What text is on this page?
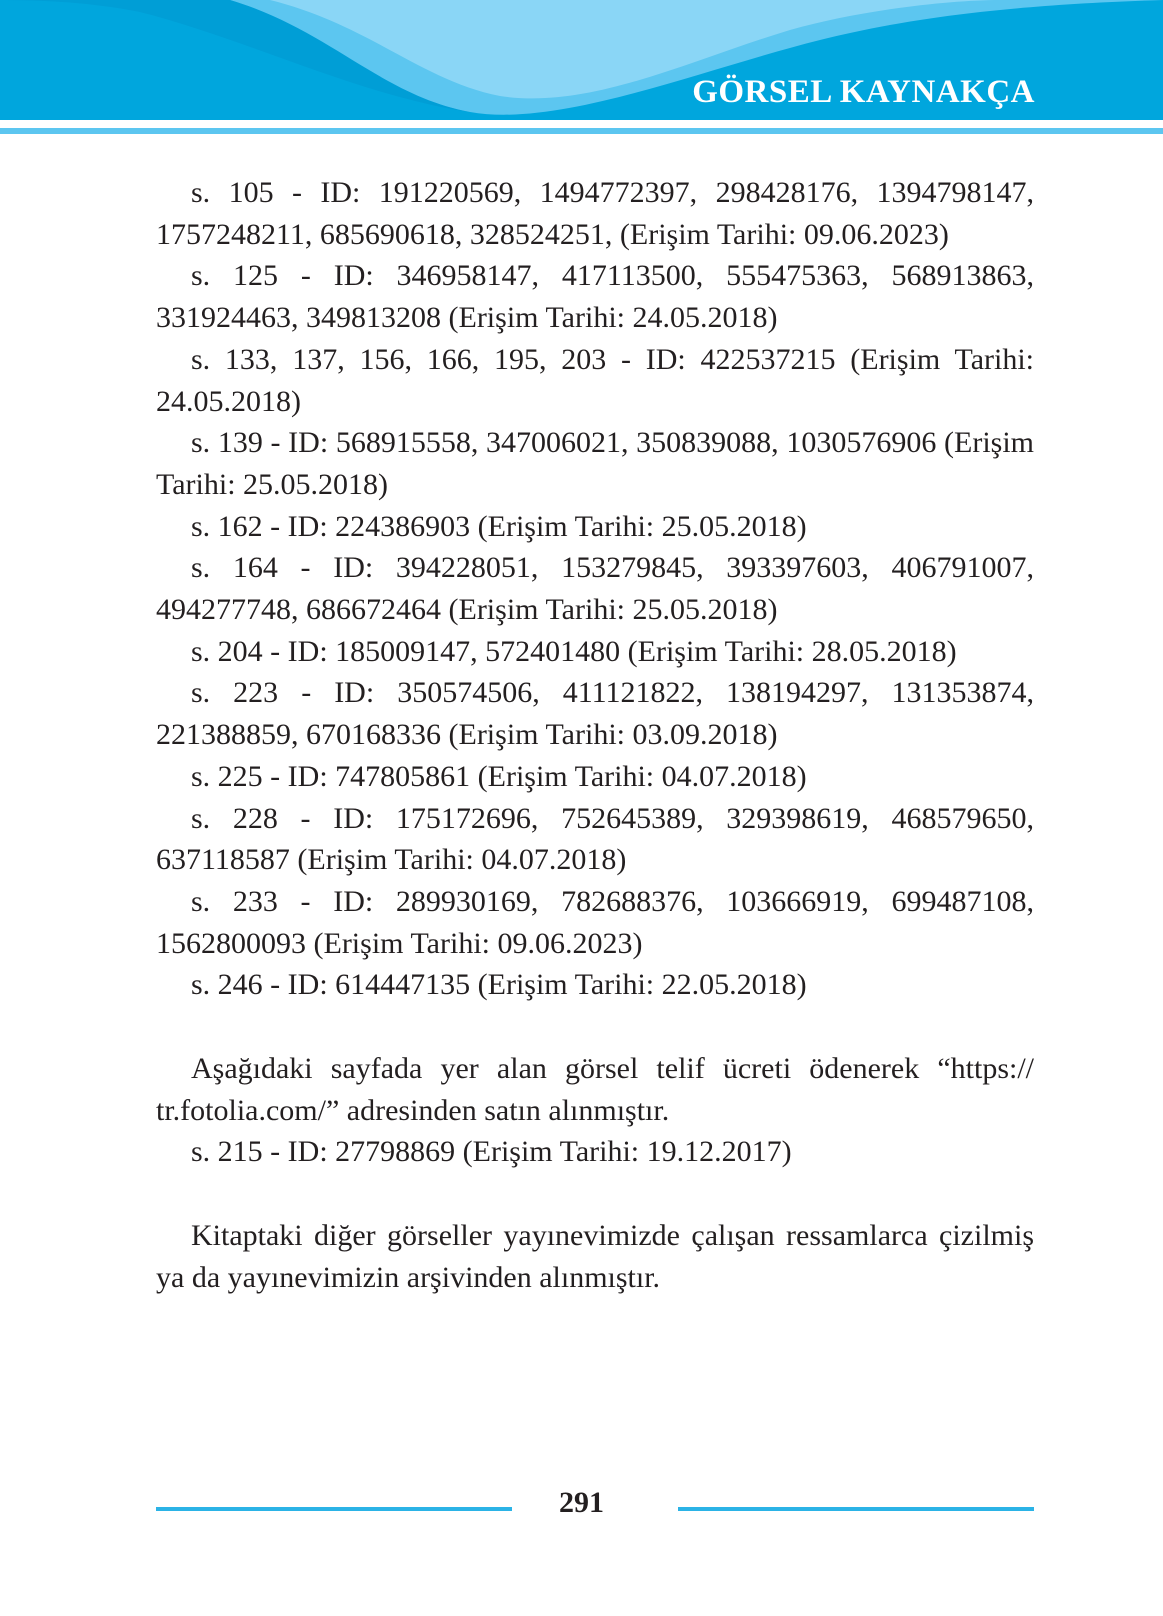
GÖRSEL KAYNAKÇA

s. 105 - ID: 191220569, 1494772397, 298428176, 1394798147, 1757248211, 685690618, 328524251, (Erişim Tarihi: 09.06.2023)

s. 125 - ID: 346958147, 417113500, 555475363, 568913863, 331924463, 349813208 (Erişim Tarihi: 24.05.2018)

s. 133, 137, 156, 166, 195, 203 - ID: 422537215 (Erişim Tarihi: 24.05.2018)

s. 139 - ID: 568915558, 347006021, 350839088, 1030576906 (Erişim Tarihi: 25.05.2018)

s. 162 - ID: 224386903 (Erişim Tarihi: 25.05.2018)

s. 164 - ID: 394228051, 153279845, 393397603, 406791007, 494277748, 686672464 (Erişim Tarihi: 25.05.2018)

s. 204 - ID: 185009147, 572401480 (Erişim Tarihi: 28.05.2018)

s. 223 - ID: 350574506, 411121822, 138194297, 131353874, 221388859, 670168336 (Erişim Tarihi: 03.09.2018)

s. 225 - ID: 747805861 (Erişim Tarihi: 04.07.2018)

s. 228 - ID: 175172696, 752645389, 329398619, 468579650, 637118587 (Erişim Tarihi: 04.07.2018)

s. 233 - ID: 289930169, 782688376, 103666919, 699487108, 1562800093 (Erişim Tarihi: 09.06.2023)

s. 246 - ID: 614447135 (Erişim Tarihi: 22.05.2018)

Aşağıdaki sayfada yer alan görsel telif ücreti ödenerek “https:// tr.fotolia.com/” adresinden satın alınmıştır.

s. 215 - ID: 27798869 (Erişim Tarihi: 19.12.2017)

Kitaptaki diğer görseller yayınevimizde çalışan ressamlarca çizilmiş ya da yayınevimizin arşivinden alınmıştır.

291
